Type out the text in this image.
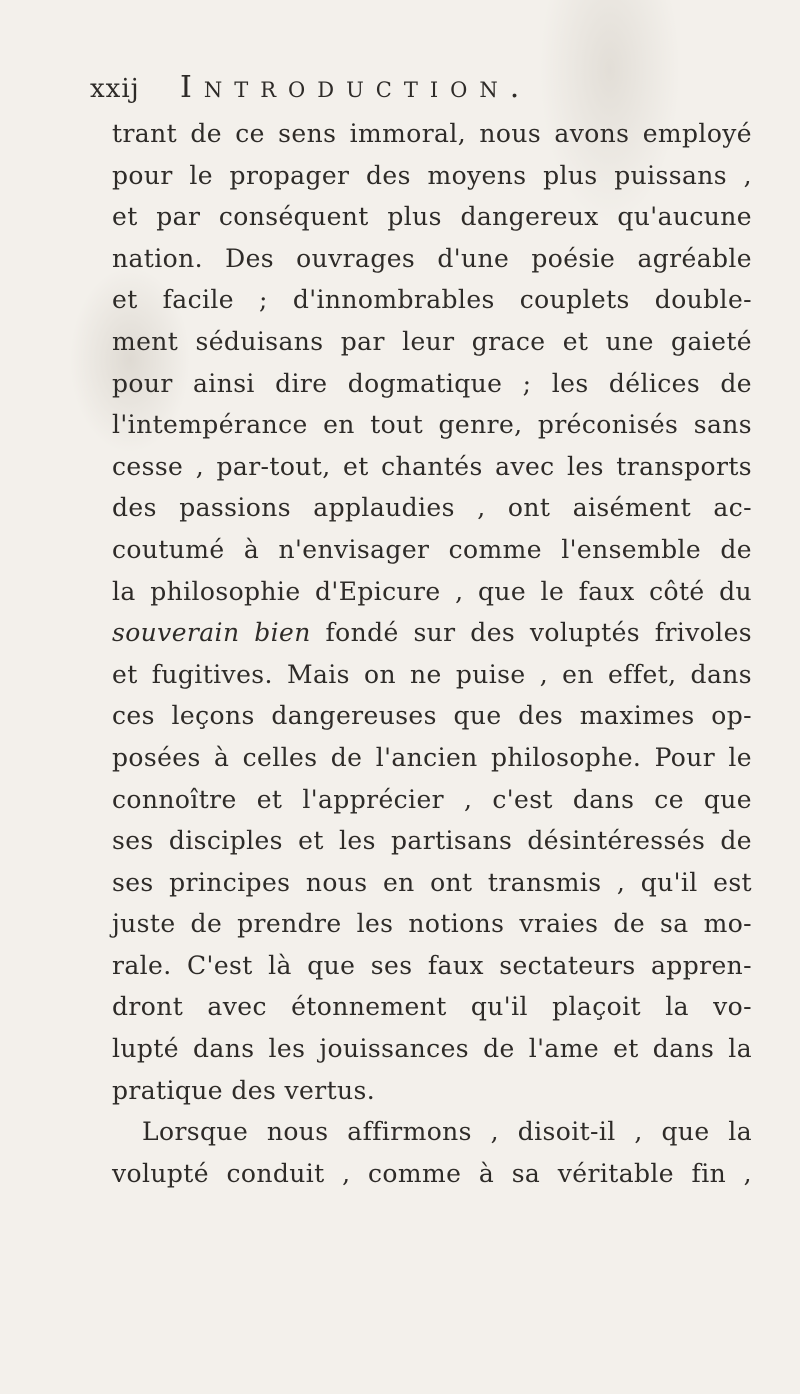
xxij	Introduction.
trant de ce sens immoral, nous avons employé
pour le propager des moyens plus puissans ,
et par conséquent plus dangereux qu'aucune
nation. Des ouvrages d'une poésie agréable
et facile ; d'innombrables couplets double-
ment séduisans par leur grace et une gaieté
pour ainsi dire dogmatique ; les délices de
l'intempérance en tout genre, préconisés sans
cesse , par-tout, et chantés avec les transports
des passions applaudies , ont aisément ac-
coutumé à n'envisager comme l'ensemble de
la philosophie d'Epicure , que le faux côté du
souverain bien fondé sur des voluptés frivoles
et fugitives. Mais on ne puise , en effet, dans
ces leçons dangereuses que des maximes op-
posées à celles de l'ancien philosophe. Pour le
connoître et l'apprécier , c'est dans ce que
ses disciples et les partisans désintéressés de
ses principes nous en ont transmis , qu'il est
juste de prendre les notions vraies de sa mo-
rale. C'est là que ses faux sectateurs appren-
dront avec étonnement qu'il plaçoit la vo-
lupté dans les jouissances de l'ame et dans la
pratique des vertus.
Lorsque nous affirmons , disoit-il , que la
volupté conduit , comme à sa véritable fin ,
